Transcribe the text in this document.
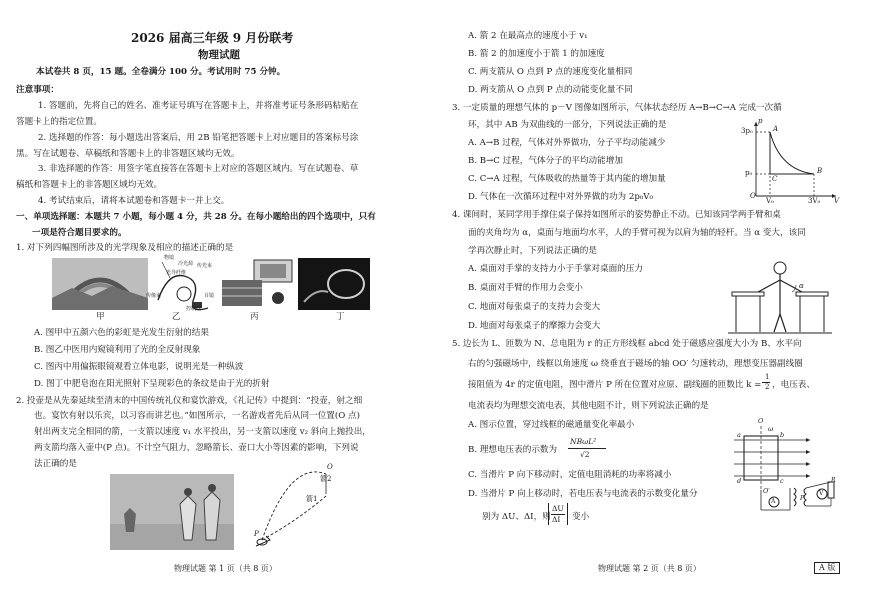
2026 届高三年级 9 月份联考
物理试题
本试卷共 8 页，15 题。全卷满分 100 分。考试用时 75 分钟。
注意事项：
1. 答题前，先将自己的姓名、准考证号填写在答题卡上，并将准考证号条形码粘贴在
答题卡上的指定位置。
2. 选择题的作答：每小题选出答案后，用 2B 铅笔把答题卡上对应题目的答案标号涂
黑。写在试题卷、草稿纸和答题卡上的非答题区域均无效。
3. 非选择题的作答：用签字笔直接答在答题卡上对应的答题区域内。写在试题卷、草
稿纸和答题卡上的非答题区域均无效。
4. 考试结束后，请将本试题卷和答题卡一并上交。
一、单项选择题：本题共 7 小题，每小题 4 分，共 28 分。在每小题给出的四个选项中，只有
一项是符合题目要求的。
1. 对下列四幅图所涉及的光学现象及相应的描述正确的是
甲
物镜
冷光源
光导纤维
传光束
传像束	目镜
控制线
乙	丙	丁
A. 图甲中五颜六色的彩虹是光发生衍射的结果
B. 图乙中医用内窥镜利用了光的全反射现象
C. 图丙中用偏振眼镜观看立体电影，说明光是一种纵波
D. 图丁中肥皂泡在阳光照射下呈现彩色的条纹是由于光的折射
2. 投壶是从先秦延续至清末的中国传统礼仪和宴饮游戏，《礼记传》中提到：“投壶，射之细
也。宴饮有射以乐宾，以习容而讲艺也。”如图所示，一名游戏者先后从同一位置(O 点)
射出两支完全相同的箭，一支箭以速度 v₁ 水平投出，另一支箭以速度 v₂ 斜向上抛投出，
两支箭均落入壶中(P 点)。不计空气阻力，忽略箭长、壶口大小等因素的影响，下列说
法正确的是
箭2
箭1
O
P
物理试题 第 1 页（共 8 页）
A. 箭 2 在最高点的速度小于 v₁
B. 箭 2 的加速度小于箭 1 的加速度
C. 两支箭从 O 点到 P 点的速度变化量相同
D. 两支箭从 O 点到 P 点的动能变化量不同
3. 一定质量的理想气体的 p－V 图像如图所示，气体状态经历 A→B→C→A 完成一次循
环，其中 AB 为双曲线的一部分，下列说法正确的是
A. A→B 过程，气体对外界做功，分子平均动能减少
B. B→C 过程，气体分子的平均动能增加
C. C→A 过程，气体吸收的热量等于其内能的增加量
D. 气体在一次循环过程中对外界做的功为 2p₀V₀
p
V
O
3p₀
p₀
V₀	3V₀
A
B
C
4. 课间时，某同学用手撑住桌子保持如图所示的姿势静止不动。已知该同学两手臂和桌
面的夹角均为 α，桌面与地面均水平，人的手臂可视为以肩为轴的轻杆。当 α 变大，该同
学再次静止时，下列说法正确的是
A. 桌面对手掌的支持力小于手掌对桌面的压力
B. 桌面对手臂的作用力会变小
C. 地面对每张桌子的支持力会变大
D. 地面对每张桌子的摩擦力会变大
α
5. 边长为 L、匝数为 N、总电阻为 r 的正方形线框 abcd 处于磁感应强度大小为 B、水平向
右的匀强磁场中，线框以角速度 ω 绕垂直于磁场的轴 OO′ 匀速转动，理想变压器副线圈
接阻值为 4r 的定值电阻，图中滑片 P 所在位置对应原、副线圈的匝数比 k =
1
2 ，电压表、
电流表均为理想交流电表，其他电阻不计，则下列说法正确的是
A. 图示位置，穿过线框的磁通量变化率最小
B. 理想电压表的示数为
NBωL²
√2
C. 当滑片 P 向下移动时，定值电阻消耗的功率将减小
D. 当滑片 P 向上移动时，若电压表与电流表的示数变化量分
别为 ΔU、ΔI，则
ΔU
ΔI 变小
O
ω
a	b
c
d
O′	V
A
R
P
物理试题 第 2 页（共 8 页）	A 版
